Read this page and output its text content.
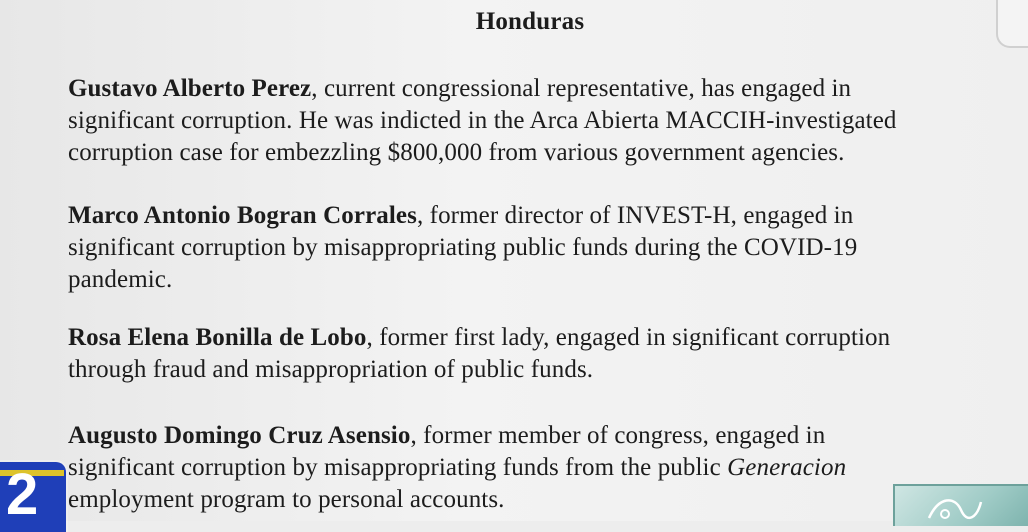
Honduras
Gustavo Alberto Perez, current congressional representative, has engaged in
significant corruption. He was indicted in the Arca Abierta MACCIH-investigated
corruption case for embezzling $800,000 from various government agencies.
Marco Antonio Bogran Corrales, former director of INVEST-H, engaged in
significant corruption by misappropriating public funds during the COVID-19
pandemic.
Rosa Elena Bonilla de Lobo, former first lady, engaged in significant corruption
through fraud and misappropriation of public funds.
Augusto Domingo Cruz Asensio, former member of congress, engaged in
significant corruption by misappropriating funds from the public Generacion
employment program to personal accounts.
2
